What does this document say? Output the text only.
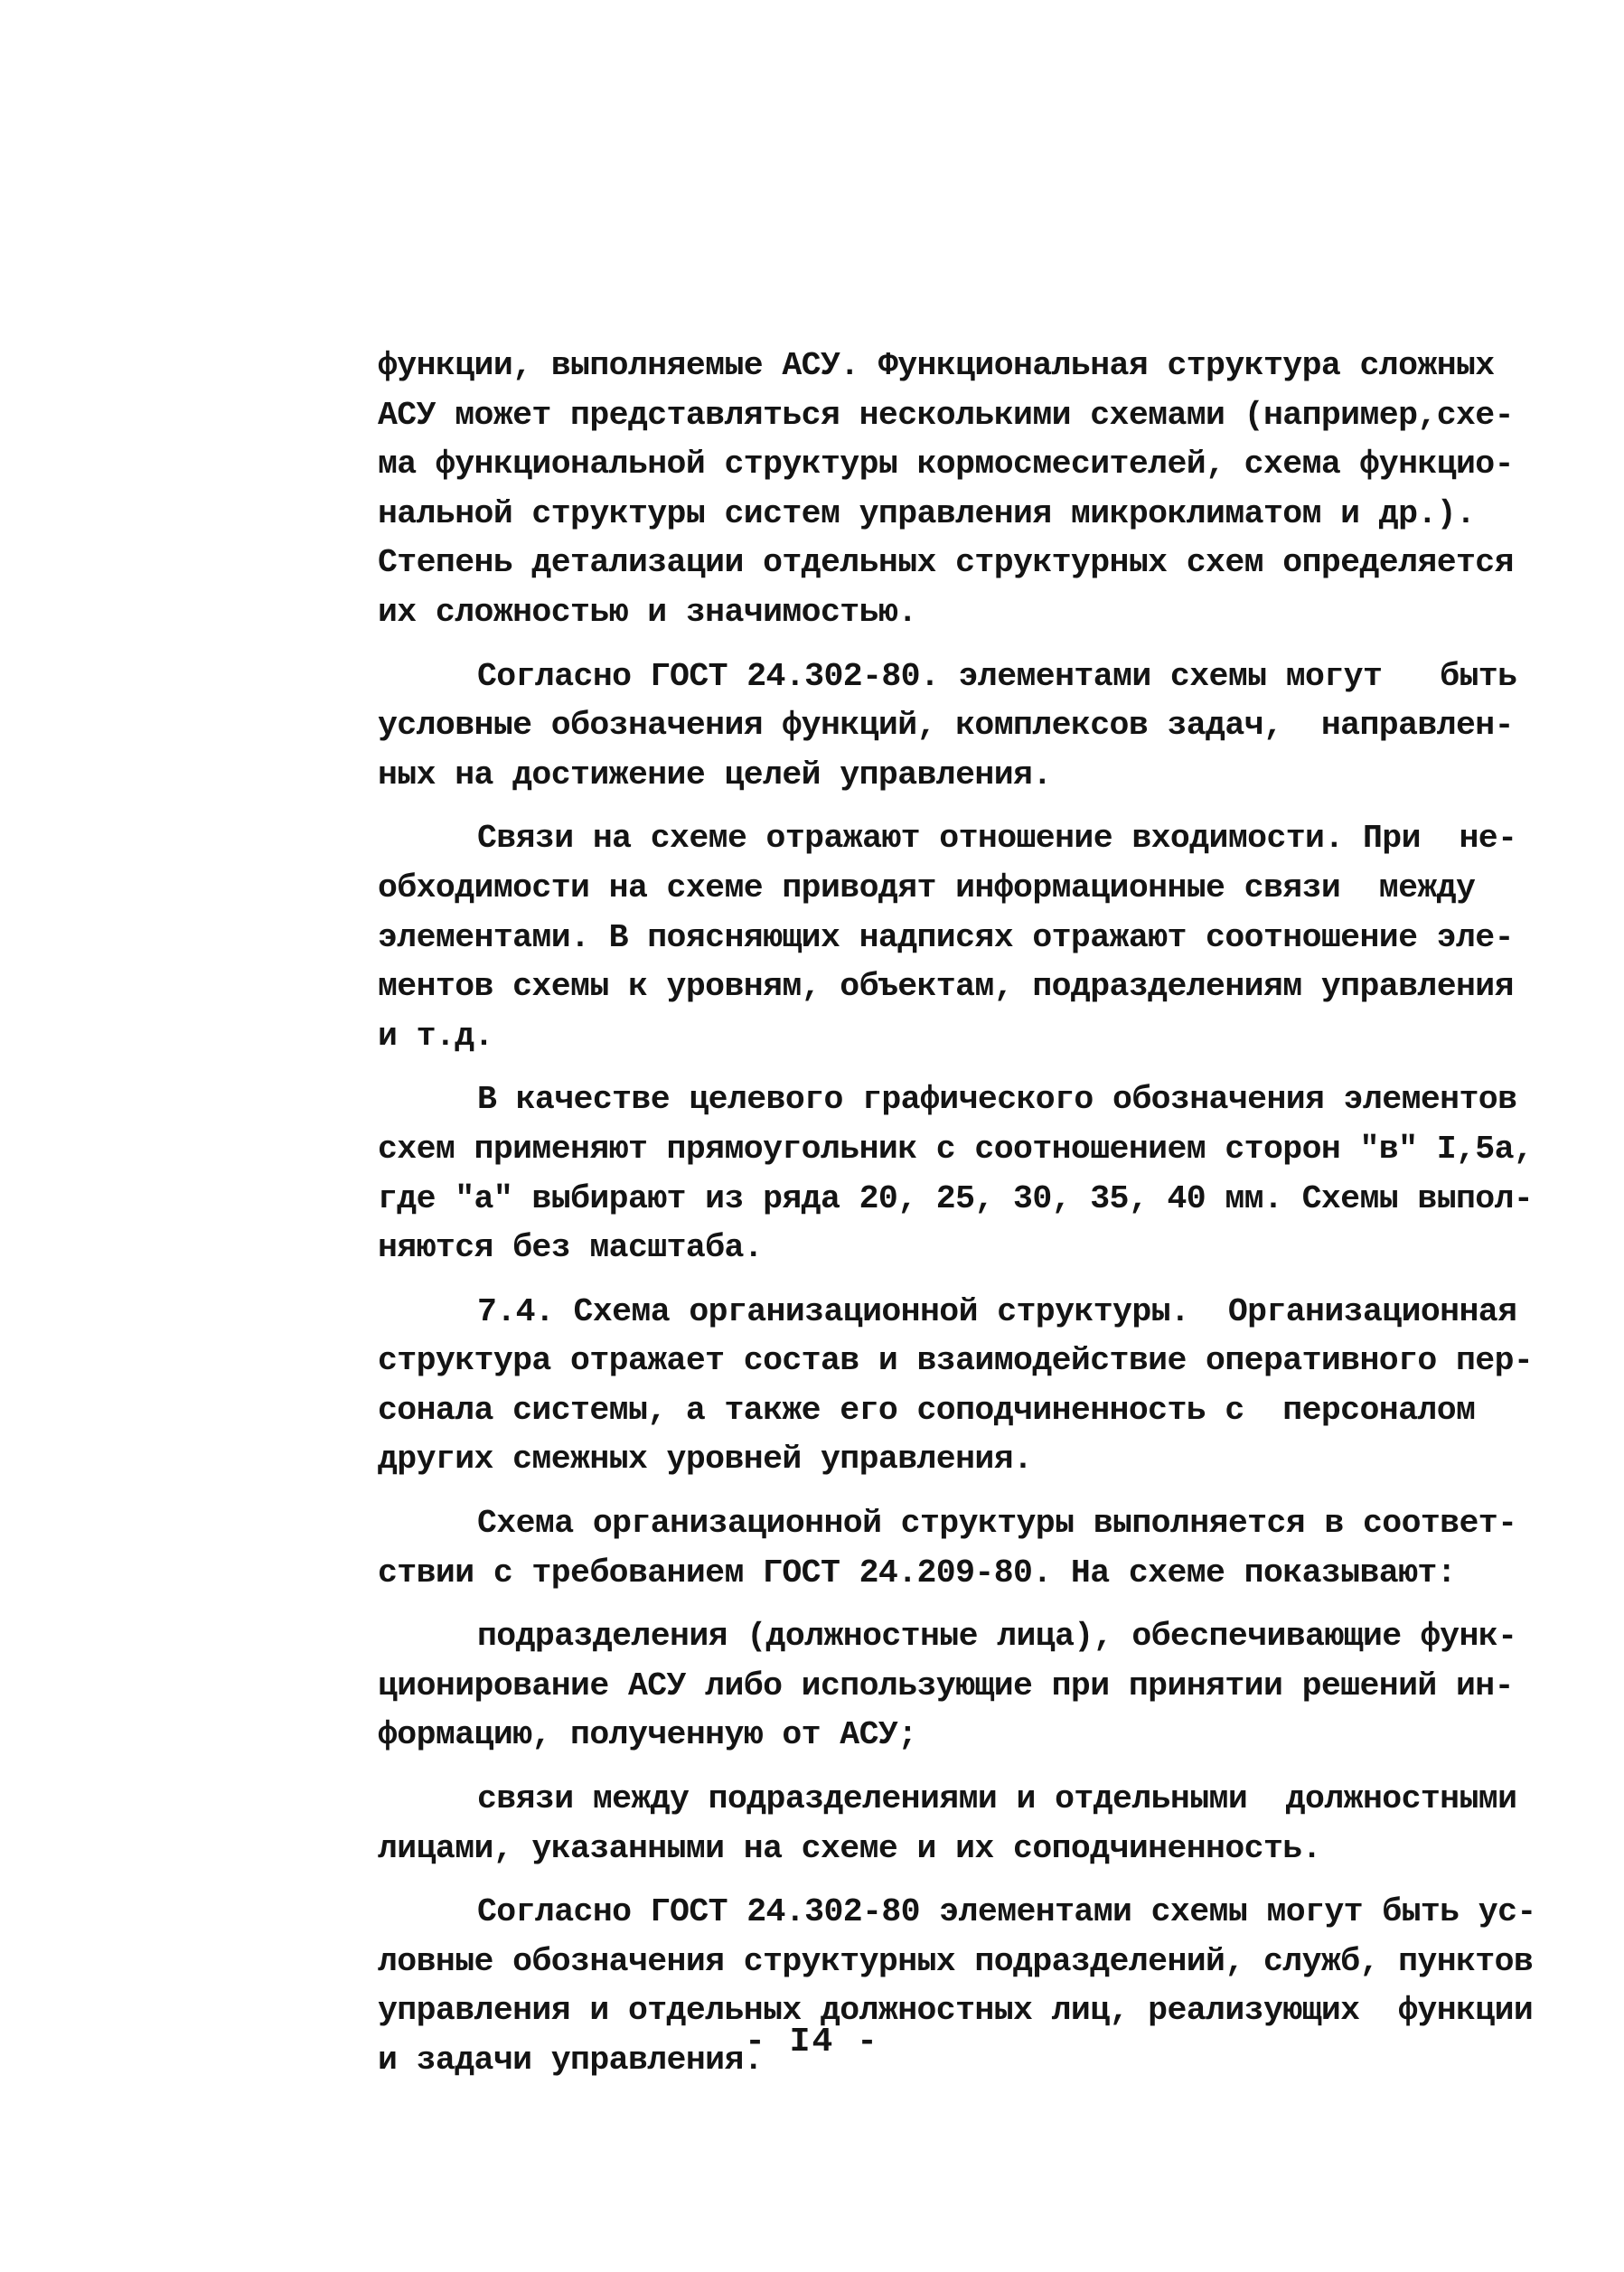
функции, выполняемые АСУ. Функциональная структура сложных
АСУ может представляться несколькими схемами (например,схе-
ма функциональной структуры кормосмесителей, схема функцио-
нальной структуры систем управления микроклиматом и др.).
Степень детализации отдельных структурных схем определяется
их сложностью и значимостью.

Согласно ГОСТ 24.302-80. элементами схемы могут   быть
условные обозначения функций, комплексов задач,  направлен-
ных на достижение целей управления.

Связи на схеме отражают отношение входимости. При  не-
обходимости на схеме приводят информационные связи  между
элементами. В поясняющих надписях отражают соотношение эле-
ментов схемы к уровням, объектам, подразделениям управления
и т.д.

В качестве целевого графического обозначения элементов
схем применяют прямоугольник с соотношением сторон "в" I,5а,
где "а" выбирают из ряда 20, 25, 30, 35, 40 мм. Схемы выпол-
няются без масштаба.

7.4. Схема организационной структуры.  Организационная
структура отражает состав и взаимодействие оперативного пер-
сонала системы, а также его соподчиненность с  персоналом
других смежных уровней управления.

Схема организационной структуры выполняется в соответ-
ствии с требованием ГОСТ 24.209-80. На схеме показывают:

подразделения (должностные лица), обеспечивающие функ-
ционирование АСУ либо использующие при принятии решений ин-
формацию, полученную от АСУ;

связи между подразделениями и отдельными  должностными
лицами, указанными на схеме и их соподчиненность.

Согласно ГОСТ 24.302-80 элементами схемы могут быть ус-
ловные обозначения структурных подразделений, служб, пунктов
управления и отдельных должностных лиц, реализующих  функции
и задачи управления.

- I4 -
